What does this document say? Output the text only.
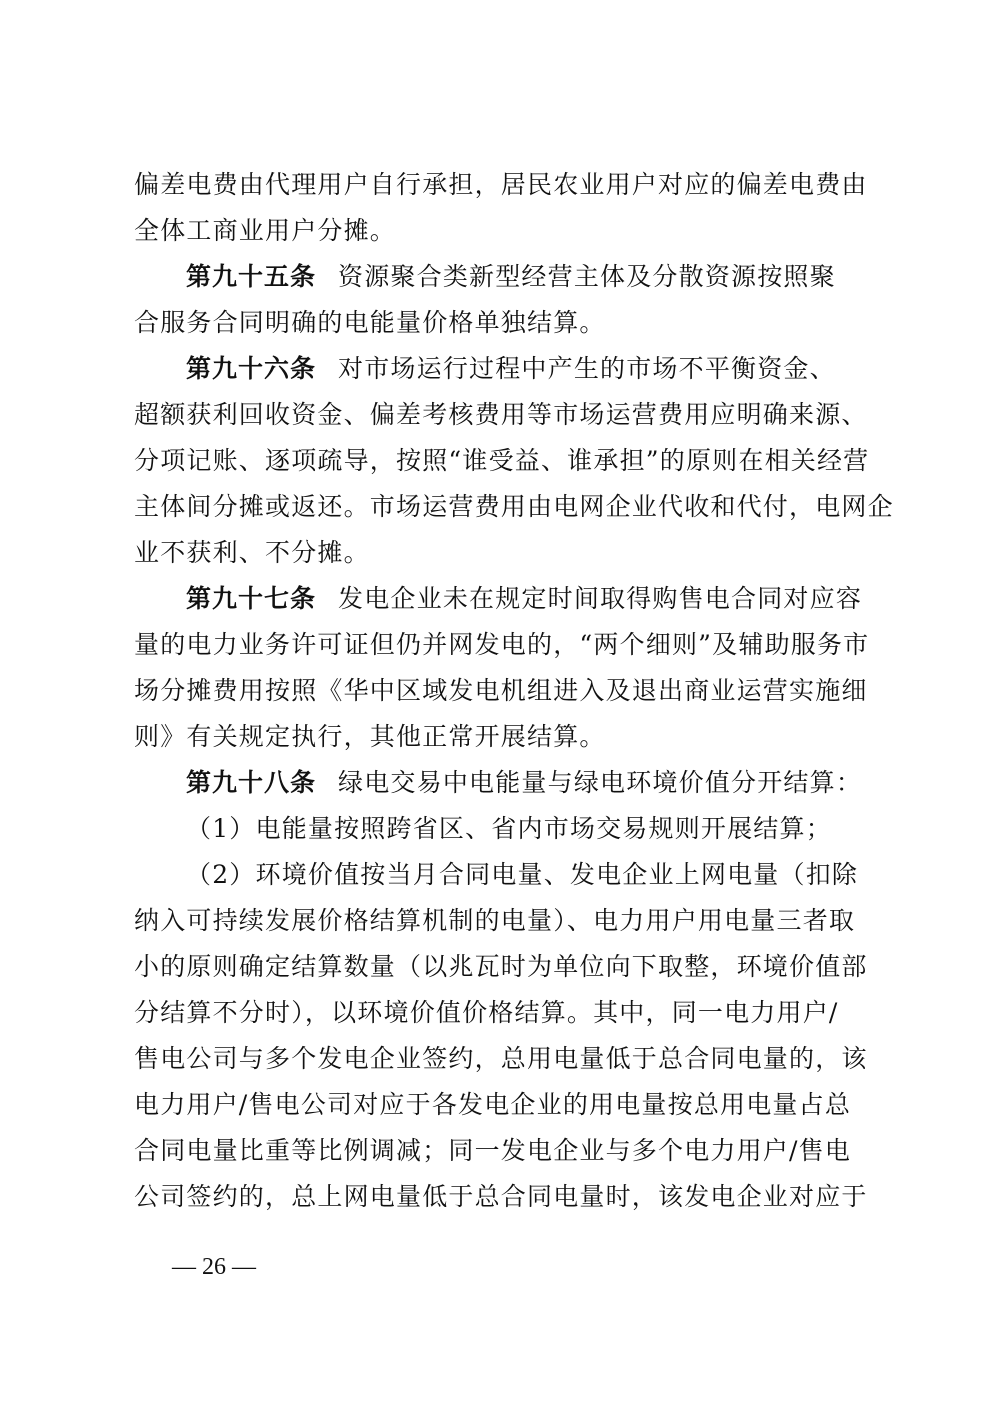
偏差电费由代理用户自行承担，居民农业用户对应的偏差电费由
全体工商业用户分摊。
第九十五条 资源聚合类新型经营主体及分散资源按照聚
合服务合同明确的电能量价格单独结算。
第九十六条 对市场运行过程中产生的市场不平衡资金、
超额获利回收资金、偏差考核费用等市场运营费用应明确来源、
分项记账、逐项疏导，按照“谁受益、谁承担”的原则在相关经营
主体间分摊或返还。市场运营费用由电网企业代收和代付，电网企
业不获利、不分摊。
第九十七条 发电企业未在规定时间取得购售电合同对应容
量的电力业务许可证但仍并网发电的，“两个细则”及辅助服务市
场分摊费用按照《华中区域发电机组进入及退出商业运营实施细
则》有关规定执行，其他正常开展结算。
第九十八条 绿电交易中电能量与绿电环境价值分开结算：
（1）电能量按照跨省区、省内市场交易规则开展结算；
（2）环境价值按当月合同电量、发电企业上网电量（扣除
纳入可持续发展价格结算机制的电量）、电力用户用电量三者取
小的原则确定结算数量（以兆瓦时为单位向下取整，环境价值部
分结算不分时），以环境价值价格结算。其中，同一电力用户/
售电公司与多个发电企业签约，总用电量低于总合同电量的，该
电力用户/售电公司对应于各发电企业的用电量按总用电量占总
合同电量比重等比例调减；同一发电企业与多个电力用户/售电
公司签约的，总上网电量低于总合同电量时，该发电企业对应于
— 26 —
